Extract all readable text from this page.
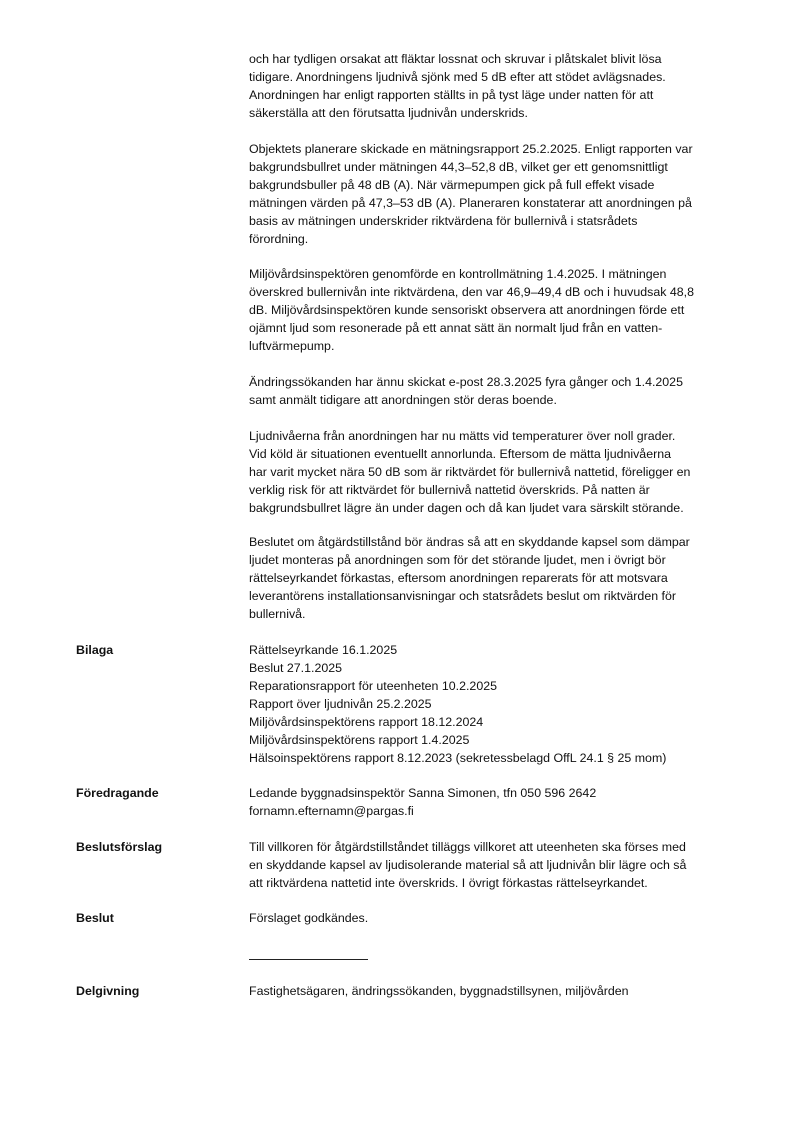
och har tydligen orsakat att fläktar lossnat och skruvar i plåtskalet blivit lösa
tidigare. Anordningens ljudnivå sjönk med 5 dB efter att stödet avlägsnades.
Anordningen har enligt rapporten ställts in på tyst läge under natten för att
säkerställa att den förutsatta ljudnivån underskrids.
Objektets planerare skickade en mätningsrapport 25.2.2025. Enligt rapporten var
bakgrundsbullret under mätningen 44,3–52,8 dB, vilket ger ett genomsnittligt
bakgrundsbuller på 48 dB (A). När värmepumpen gick på full effekt visade
mätningen värden på 47,3–53 dB (A). Planeraren konstaterar att anordningen på
basis av mätningen underskrider riktvärdena för bullernivå i statsrådets
förordning.
Miljövårdsinspektören genomförde en kontrollmätning 1.4.2025. I mätningen
överskred bullernivån inte riktvärdena, den var 46,9–49,4 dB och i huvudsak 48,8
dB. Miljövårdsinspektören kunde sensoriskt observera att anordningen förde ett
ojämnt ljud som resonerade på ett annat sätt än normalt ljud från en vatten-
luftvärmepump.
Ändringssökanden har ännu skickat e-post 28.3.2025 fyra gånger och 1.4.2025
samt anmält tidigare att anordningen stör deras boende.
Ljudnivåerna från anordningen har nu mätts vid temperaturer över noll grader.
Vid köld är situationen eventuellt annorlunda. Eftersom de mätta ljudnivåerna
har varit mycket nära 50 dB som är riktvärdet för bullernivå nattetid, föreligger en
verklig risk för att riktvärdet för bullernivå nattetid överskrids. På natten är
bakgrundsbullret lägre än under dagen och då kan ljudet vara särskilt störande.
Beslutet om åtgärdstillstånd bör ändras så att en skyddande kapsel som dämpar
ljudet monteras på anordningen som för det störande ljudet, men i övrigt bör
rättelseyrkandet förkastas, eftersom anordningen reparerats för att motsvara
leverantörens installationsanvisningar och statsrådets beslut om riktvärden för
bullernivå.
Bilaga	Rättelseyrkande 16.1.2025
Beslut 27.1.2025
Reparationsrapport för uteenheten 10.2.2025
Rapport över ljudnivån 25.2.2025
Miljövårdsinspektörens rapport 18.12.2024
Miljövårdsinspektörens rapport 1.4.2025
Hälsoinspektörens rapport 8.12.2023 (sekretessbelagd OffL 24.1 § 25 mom)
Föredragande	Ledande byggnadsinspektör Sanna Simonen, tfn 050 596 2642
fornamn.efternamn@pargas.fi
Beslutsförslag	Till villkoren för åtgärdstillståndet tilläggs villkoret att uteenheten ska förses med
en skyddande kapsel av ljudisolerande material så att ljudnivån blir lägre och så
att riktvärdena nattetid inte överskrids. I övrigt förkastas rättelseyrkandet.
Beslut	Förslaget godkändes.
Delgivning	Fastighetsägaren, ändringssökanden, byggnadstillsynen, miljövården
